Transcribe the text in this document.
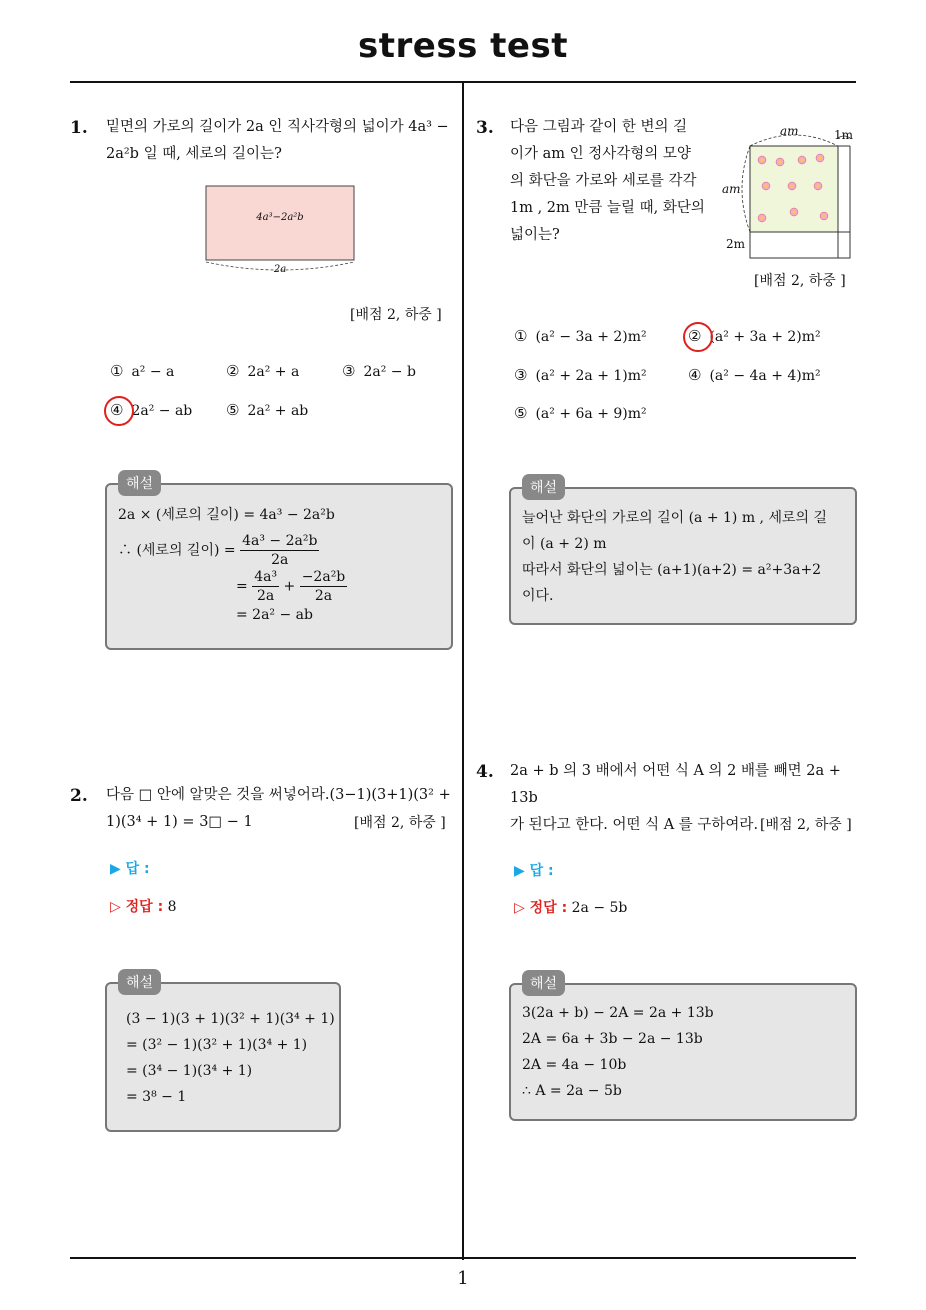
stress test
1
1. 밑면의 가로의 길이가 2a 인 직사각형의 넓이가 4a³ −
2a²b 일 때, 세로의 길이는?
4a³−2a²b
2a
[배점 2, 하중 ]
① a² − a	② 2a² + a	③ 2a² − b
④ 2a² − ab ⑤ 2a² + ab
해설
2a × (세로의 길이) = 4a³ − 2a²b
∴ (세로의 길이) = $\frac{\text{4a³ − 2a²b}}{2a}$
= $\frac{\text{4a³}}{2a} + \frac{\text{−2a²b}}{2a}$
= 2a² − ab
2. 다음 □ 안에 알맞은 것을 써넣어라.(3−1)(3+1)(3² +
1)(3⁴ + 1) = 3□ − 1	[배점 2, 하중 ]
▶ 답 :
▷ 정답 : 8
해설
(3 − 1)(3 + 1)(3² + 1)(3⁴ + 1)
= (3² − 1)(3² + 1)(3⁴ + 1)
= (3⁴ − 1)(3⁴ + 1)
= 3⁸ − 1
3. 다음 그림과 같이 한 변의 길
이가 am 인 정사각형의 모양
의 화단을 가로와 세로를 각각
1m , 2m 만큼 늘릴 때, 화단의
넓이는?
am	1m
am
2m
[배점 2, 하중 ]
① (a² − 3a + 2)m²	② (a² + 3a + 2)m²
③ (a² + 2a + 1)m²	④ (a² − 4a + 4)m²
⑤ (a² + 6a + 9)m²
해설
늘어난 화단의 가로의 길이 (a + 1) m , 세로의 길
이 (a + 2) m
따라서 화단의 넓이는 (a+1)(a+2) = a²+3a+2
이다.
4. 2a + b 의 3 배에서 어떤 식 A 의 2 배를 빼면 2a + 13b
가 된다고 한다. 어떤 식 A 를 구하여라. [배점 2, 하중 ]
▶ 답 :
▷ 정답 : 2a − 5b
해설
3(2a + b) − 2A = 2a + 13b
2A = 6a + 3b − 2a − 13b
2A = 4a − 10b
∴ A = 2a − 5b
